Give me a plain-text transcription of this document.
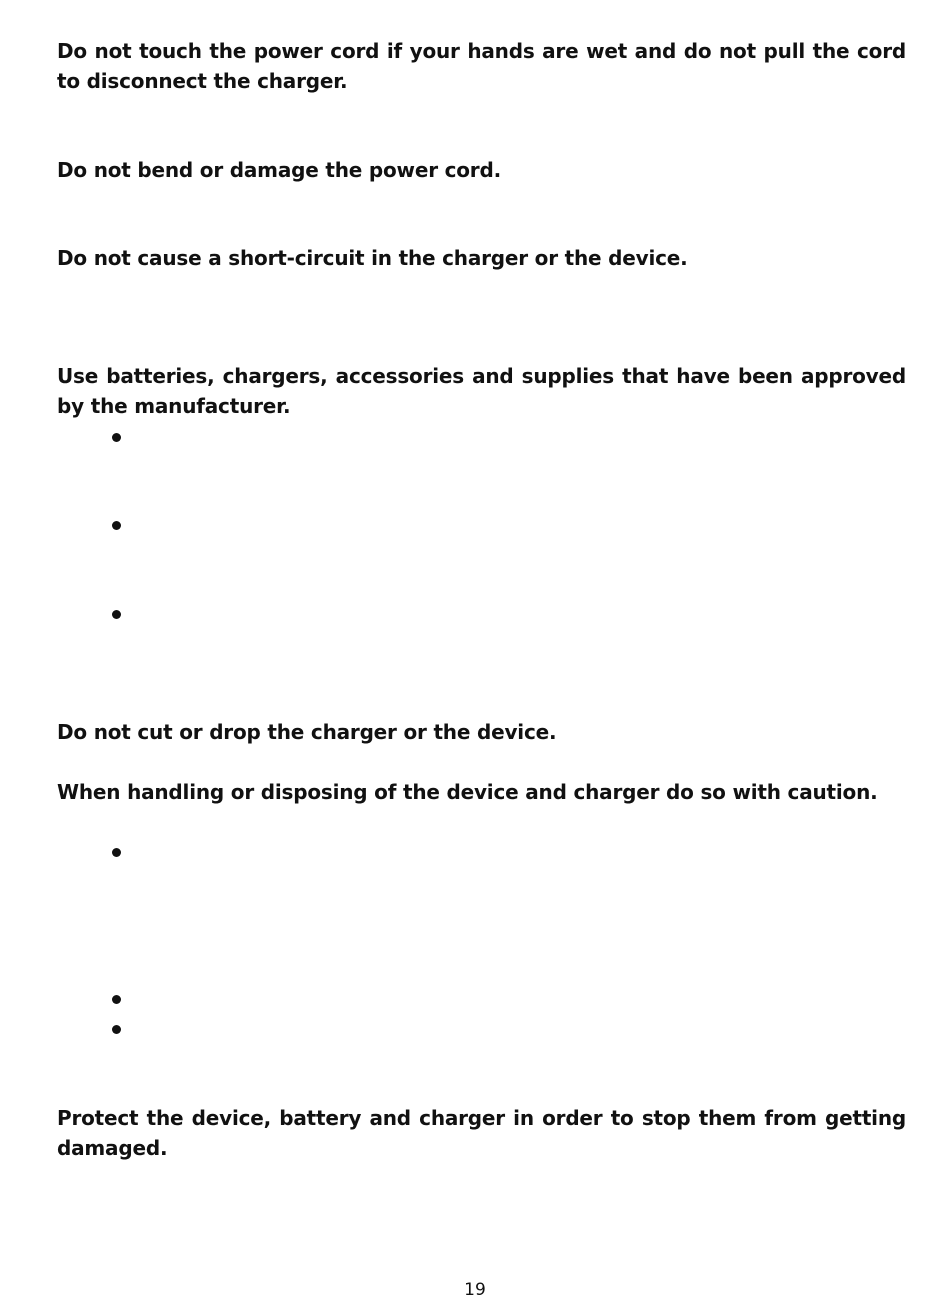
Do not touch the power cord if your hands are wet and do not pull the cord to disconnect the charger.

Do not bend or damage the power cord.

Do not cause a short-circuit in the charger or the device.

Use batteries, chargers, accessories and supplies that have been approved by the manufacturer.

Do not cut or drop the charger or the device.

When handling or disposing of the device and charger do so with caution.

Protect the device, battery and charger in order to stop them from getting damaged.

19
